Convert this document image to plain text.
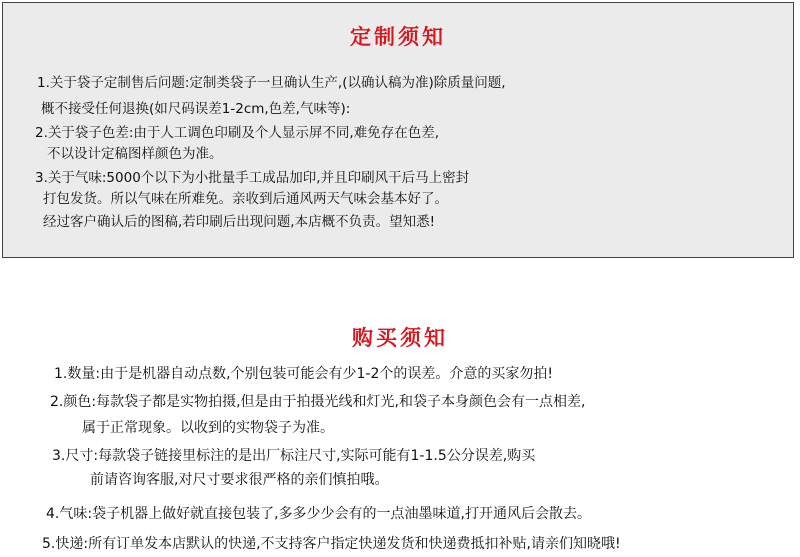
定制须知
1.关于袋子定制售后问题:定制类袋子一旦确认生产,(以确认稿为准)除质量问题,
概不接受任何退换(如尺码误差1-2cm,色差,气味等):
2.关于袋子色差:由于人工调色印刷及个人显示屏不同,难免存在色差,
不以设计定稿图样颜色为准。
3.关于气味:5000个以下为小批量手工成品加印,并且印刷风干后马上密封
打包发货。所以气味在所难免。亲收到后通风两天气味会基本好了。
经过客户确认后的图稿,若印刷后出现问题,本店概不负责。望知悉!
购买须知
1.数量:由于是机器自动点数,个别包装可能会有少1-2个的误差。介意的买家勿拍!
2.颜色:每款袋子都是实物拍摄,但是由于拍摄光线和灯光,和袋子本身颜色会有一点相差,
属于正常现象。以收到的实物袋子为准。
3.尺寸:每款袋子链接里标注的是出厂标注尺寸,实际可能有1-1.5公分误差,购买
前请咨询客服,对尺寸要求很严格的亲们慎拍哦。
4.气味:袋子机器上做好就直接包装了,多多少少会有的一点油墨味道,打开通风后会散去。
5.快递:所有订单发本店默认的快递,不支持客户指定快递发货和快递费抵扣补贴,请亲们知晓哦!
